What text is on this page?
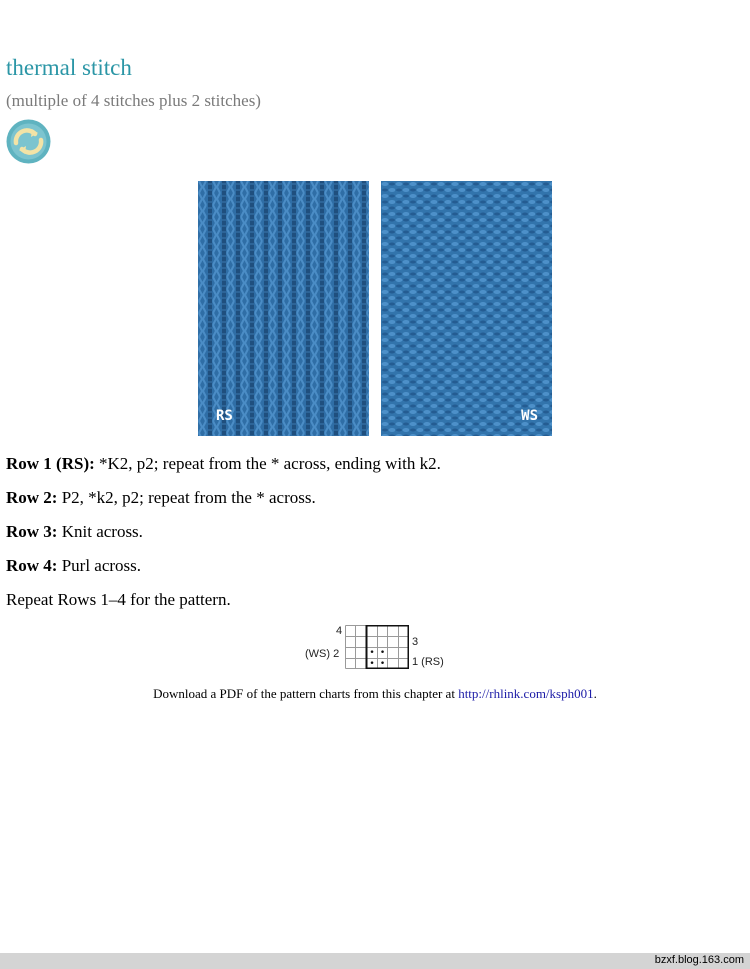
thermal stitch

(multiple of 4 stitches plus 2 stitches)

RS	WS

Row 1 (RS): *K2, p2; repeat from the * across, ending with k2.

Row 2: P2, *k2, p2; repeat from the * across.

Row 3: Knit across.

Row 4: Purl across.

Repeat Rows 1–4 for the pattern.

4
(WS) 2
3
1 (RS)
• •
• •
Download a PDF of the pattern charts from this chapter at http://rhlink.com/ksph001.
bzxf.blog.163.com
